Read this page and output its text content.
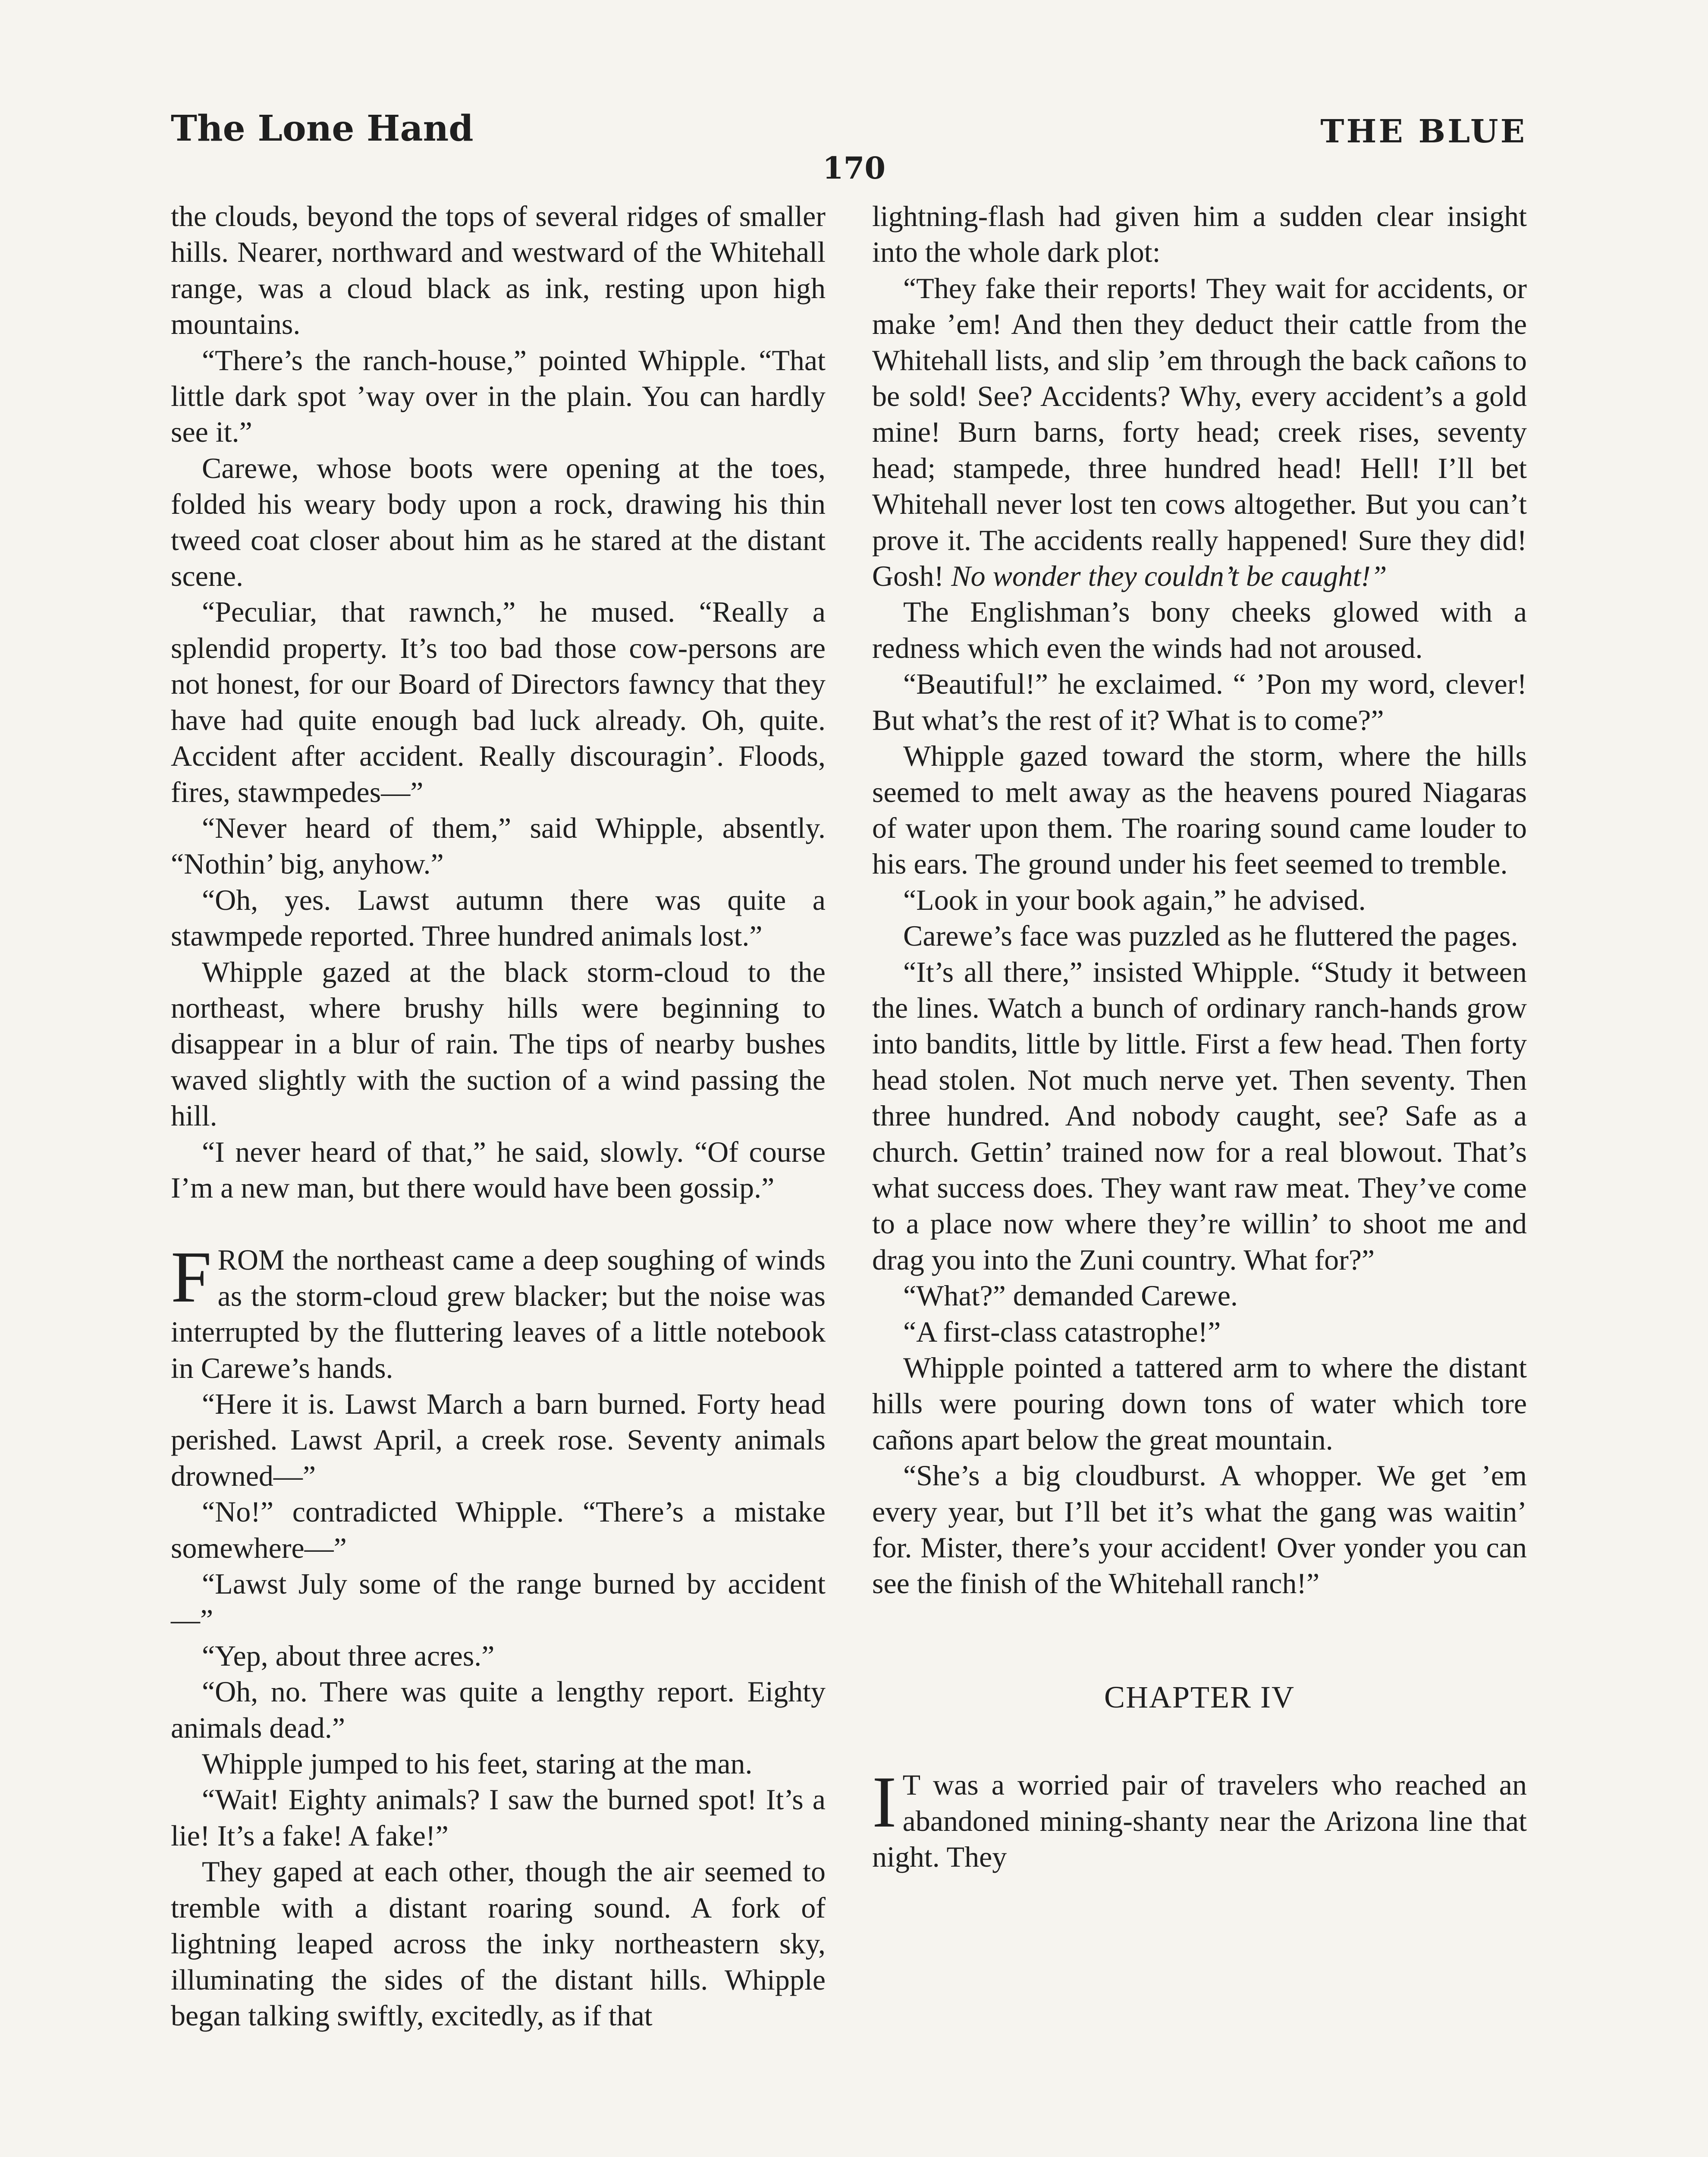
The Lone Hand	THE BLUE
170

the clouds, beyond the tops of several ridges of smaller hills. Nearer, northward and westward of the Whitehall range, was a cloud black as ink, resting upon high mountains.

“There’s the ranch-house,” pointed Whipple. “That little dark spot ’way over in the plain. You can hardly see it.”

Carewe, whose boots were opening at the toes, folded his weary body upon a rock, drawing his thin tweed coat closer about him as he stared at the distant scene.

“Peculiar, that rawnch,” he mused. “Really a splendid property. It’s too bad those cow-persons are not honest, for our Board of Directors fawncy that they have had quite enough bad luck already. Oh, quite. Accident after accident. Really discouragin’. Floods, fires, stawmpedes—”

“Never heard of them,” said Whipple, absently. “Nothin’ big, anyhow.”

“Oh, yes. Lawst autumn there was quite a stawmpede reported. Three hundred animals lost.”

Whipple gazed at the black storm-cloud to the northeast, where brushy hills were beginning to disappear in a blur of rain. The tips of nearby bushes waved slightly with the suction of a wind passing the hill.

“I never heard of that,” he said, slowly. “Of course I’m a new man, but there would have been gossip.”

FROM the northeast came a deep soughing of winds as the storm-cloud grew blacker; but the noise was interrupted by the fluttering leaves of a little notebook in Carewe’s hands.

“Here it is. Lawst March a barn burned. Forty head perished. Lawst April, a creek rose. Seventy animals drowned—”

“No!” contradicted Whipple. “There’s a mistake somewhere—”

“Lawst July some of the range burned by accident—”

“Yep, about three acres.”

“Oh, no. There was quite a lengthy report. Eighty animals dead.”

Whipple jumped to his feet, staring at the man.

“Wait! Eighty animals? I saw the burned spot! It’s a lie! It’s a fake! A fake!”

They gaped at each other, though the air seemed to tremble with a distant roaring sound. A fork of lightning leaped across the inky northeastern sky, illuminating the sides of the distant hills. Whipple began talking swiftly, excitedly, as if that

lightning-flash had given him a sudden clear insight into the whole dark plot:

“They fake their reports! They wait for accidents, or make ’em! And then they deduct their cattle from the Whitehall lists, and slip ’em through the back cañons to be sold! See? Accidents? Why, every accident’s a gold mine! Burn barns, forty head; creek rises, seventy head; stampede, three hundred head! Hell! I’ll bet Whitehall never lost ten cows altogether. But you can’t prove it. The accidents really happened! Sure they did! Gosh! No wonder they couldn’t be caught!”

The Englishman’s bony cheeks glowed with a redness which even the winds had not aroused.

“Beautiful!” he exclaimed. “ ’Pon my word, clever! But what’s the rest of it? What is to come?”

Whipple gazed toward the storm, where the hills seemed to melt away as the heavens poured Niagaras of water upon them. The roaring sound came louder to his ears. The ground under his feet seemed to tremble.

“Look in your book again,” he advised.

Carewe’s face was puzzled as he fluttered the pages.

“It’s all there,” insisted Whipple. “Study it between the lines. Watch a bunch of ordinary ranch-hands grow into bandits, little by little. First a few head. Then forty head stolen. Not much nerve yet. Then seventy. Then three hundred. And nobody caught, see? Safe as a church. Gettin’ trained now for a real blowout. That’s what success does. They want raw meat. They’ve come to a place now where they’re willin’ to shoot me and drag you into the Zuni country. What for?”

“What?” demanded Carewe.

“A first-class catastrophe!”

Whipple pointed a tattered arm to where the distant hills were pouring down tons of water which tore cañons apart below the great mountain.

“She’s a big cloudburst. A whopper. We get ’em every year, but I’ll bet it’s what the gang was waitin’ for. Mister, there’s your accident! Over yonder you can see the finish of the Whitehall ranch!”

CHAPTER IV

I T was a worried pair of travelers who reached an abandoned mining-shanty near the Arizona line that night. They
